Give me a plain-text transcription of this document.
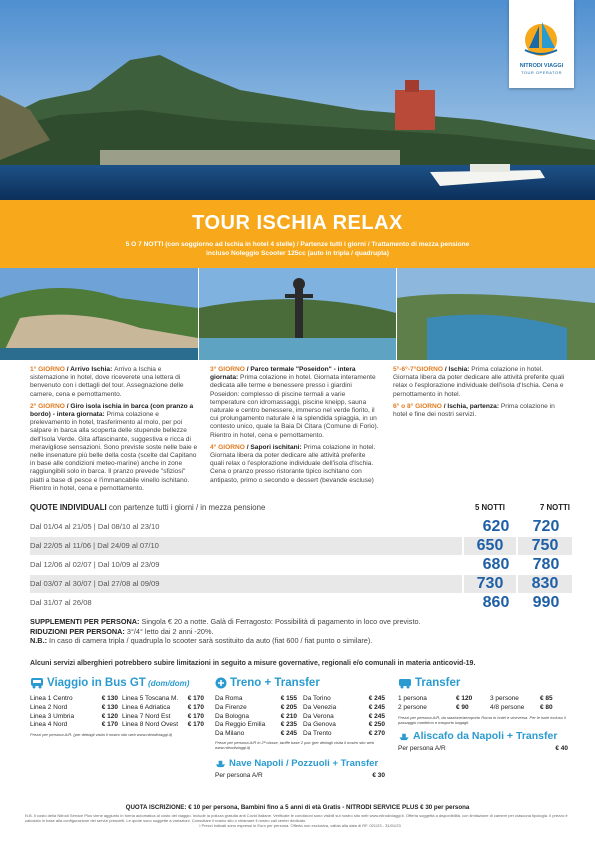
NITRODI VIAGGI
TOUR OPERATOR
TOUR ISCHIA RELAX
5 O 7 NOTTI (con soggiorno ad Ischia in hotel 4 stelle) / Partenze tutti i giorni / Trattamento di mezza pensione
incluso Noleggio Scooter 125cc (auto in tripla / quadrupla)

1° GIORNO / Arrivo Ischia: Arrivo a Ischia e sistemazione in hotel, dove riceverete una lettera di benvenuto con i dettagli del tour. Assegnazione delle camere, cena e pernottamento.

2° GIORNO / Giro isola ischia in barca (con pranzo a bordo) - intera giornata: Prima colazione e prelevamento in hotel, trasferimento al molo, per poi salpare in barca alla scoperta delle stupende bellezze dell'Isola Verde. Gita affascinante, suggestiva e ricca di meravigliose sensazioni. Sono previste soste nelle baie e nelle insenature più belle della costa (scelte dal Capitano in base alle condizioni meteo-marine) anche in zone raggiungibili solo in barca. Il pranzo prevede "sfiziosi" piatti a base di pesce e l'immancabile vinello ischitano. Rientro in hotel, cena e pernottamento.

3° GIORNO / Parco termale "Poseidon" - intera giornata: Prima colazione in hotel. Giornata interamente dedicata alle terme e benessere presso i giardini Poseidon: complesso di piscine termali a varie temperature con idromassaggi, piscine kneipp, sauna naturale e centro benessere, immerso nel verde fiorito, il cui prolungamento naturale è la splendida spiaggia, in un contesto unico, quale la Baia Di Citara (Comune di Forio). Rientro in hotel, cena e pernottamento.

4° GIORNO / Sapori ischitani: Prima colazione in hotel. Giornata libera da poter dedicare alle attività preferite quali relax o l'esplorazione individuale dell'isola d'Ischia. Cena o pranzo presso ristorante tipico ischitano con antipasto, primo o secondo e dessert (bevande escluse)

5°-6°-7°GIORNO / Ischia: Prima colazione in hotel. Giornata libera da poter dedicare alle attività preferite quali relax o l'esplorazione individuale dell'isola d'Ischia. Cena e pernottamento in hotel.

6° o 8° GIORNO / Ischia, partenza: Prima colazione in hotel e fine dei nostri servizi.

QUOTE INDIVIDUALI con partenze tutti i giorni / in mezza pensione	5 NOTTI	7 NOTTI
Dal 01/04 al 21/05 | Dal 08/10 al 23/10	620	720
Dal 22/05 al 11/06 | Dal 24/09 al 07/10	650	750
Dal 12/06 al 02/07 | Dal 10/09 al 23/09	680	780
Dal 03/07 al 30/07 | Dal 27/08 al 09/09	730	830
Dal 31/07 al 26/08	860	990
SUPPLEMENTI PER PERSONA: Singola € 20 a notte. Galà di Ferragosto: Possibilità di pagamento in loco ove previsto.
RIDUZIONI PER PERSONA: 3°/4° letto dai 2 anni -20%.
N.B.: In caso di camera tripla / quadrupla lo scooter sarà sostituito da auto (fiat 600 / fiat punto o similare).
Alcuni servizi alberghieri potrebbero subire limitazioni in seguito a misure governative, regionali e/o comunali in materia anticovid-19.
Viaggio in Bus GT (dom/dom)
Linea 1 Centro	€ 130
Linea 2 Nord	€ 130
Linea 3 Umbria	€ 120
Linea 4 Nord	€ 170
Linea 5 Toscana M. € 170
Linea 6 Adriatica	€ 170
Linea 7 Nord Est	€ 170
Linea 8 Nord Ovest € 170
Prezzi per persona A/R. (per dettagli visita il nostro sito web www.nitrodiviaggi.it)
Treno + Transfer
Da Roma	€ 155
Da Firenze	€ 205
Da Bologna	€ 210
Da Reggio Emilia € 235
Da Milano	€ 245
Da Torino	€ 245
Da Venezia	€ 245
Da Verona	€ 245
Da Genova	€ 250
Da Trento	€ 270
Prezzi per persona A/R in 2ª classe, tariffe base 2 pax (per dettagli visita il nostro sito web www.nitrodiviaggi.it)
Nave Napoli / Pozzuoli + Transfer
Per persona A/R	€ 30
Transfer
1 persona	€ 120	3 persone	€ 85
2 persone	€ 90	4/8 persone	€ 80
Prezzi per persona A/R, da stazione/aeroporto Roma in hotel e viceversa. Per le isole incluso il passaggio marittimo e trasporto bagagli.
Aliscafo da Napoli + Transfer
Per persona A/R	€ 40
QUOTA ISCRIZIONE: € 10 per persona, Bambini fino a 5 anni di età Gratis - NITRODI SERVICE PLUS € 30 per persona
N.B. Il costo della Nitrodi Service Plus viene aggiunto in forma automatica al costo del viaggio. Include la polizza gratuita anti Covid Italiane. Verificate le condizioni sono visibili sul nostro sito web www.nitrodiviaggi.it. Offerta soggetta a disponibilità, con limitazione di camere per ciascuna tipologia. Il prezzo è calcolato in base alla configurazione dei servizi prescelti. Le quote sono soggette a variazioni. Consultare il nostro sito o chiamare il nostro call center dedicato.
I Prezzi indicati sono espressi in Euro per persona. Offerta non esclusiva, valida alla data di RF. 021/23 - 31/01/23
